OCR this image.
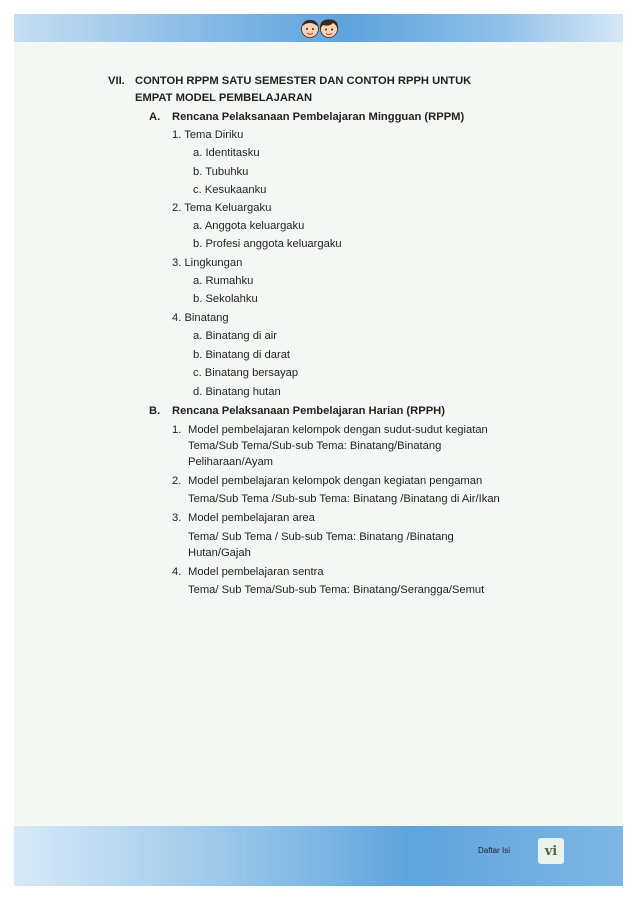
VII. CONTOH RPPM SATU SEMESTER DAN CONTOH RPPH UNTUK
EMPAT MODEL PEMBELAJARAN
A. Rencana Pelaksanaan Pembelajaran Mingguan (RPPM)
1. Tema Diriku
a. Identitasku
b. Tubuhku
c. Kesukaanku
2. Tema Keluargaku
a. Anggota keluargaku
b. Profesi anggota keluargaku
3. Lingkungan
a. Rumahku
b. Sekolahku
4. Binatang
a. Binatang di air
b. Binatang di darat
c. Binatang bersayap
d. Binatang hutan
B. Rencana Pelaksanaan Pembelajaran Harian (RPPH)
1. Model pembelajaran kelompok dengan sudut-sudut kegiatan
Tema/Sub Tema/Sub-sub Tema: Binatang/Binatang
Peliharaan/Ayam
2. Model pembelajaran kelompok dengan kegiatan pengaman
Tema/Sub Tema /Sub-sub Tema: Binatang /Binatang di Air/Ikan
3. Model pembelajaran area
Tema/ Sub Tema / Sub-sub Tema: Binatang /Binatang
Hutan/Gajah
4. Model pembelajaran sentra
Tema/ Sub Tema/Sub-sub Tema: Binatang/Serangga/Semut
Daftar Isi	vi
